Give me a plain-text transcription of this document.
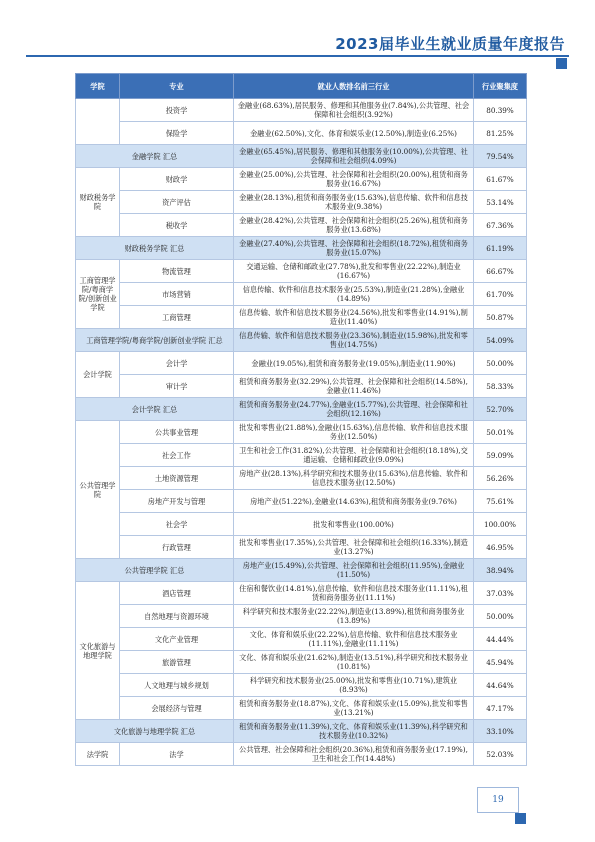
2023届毕业生就业质量年度报告
学院	专业	就业人数排名前三行业	行业聚集度
	投资学	金融业(68.63%),居民服务、修理和其他服务业(7.84%),公共管理、社会保障和社会组织(3.92%)	80.39%
	保险学	金融业(62.50%),文化、体育和娱乐业(12.50%),制造业(6.25%)	81.25%
金融学院 汇总		金融业(65.45%),居民服务、修理和其他服务业(10.00%),公共管理、社会保障和社会组织(4.09%)	79.54%
财政税务学院	财政学	金融业(25.00%),公共管理、社会保障和社会组织(20.00%),租赁和商务服务业(16.67%)	61.67%
	资产评估	金融业(28.13%),租赁和商务服务业(15.63%),信息传输、软件和信息技术服务业(9.38%)	53.14%
	税收学	金融业(28.42%),公共管理、社会保障和社会组织(25.26%),租赁和商务服务业(13.68%)	67.36%
财政税务学院 汇总		金融业(27.40%),公共管理、社会保障和社会组织(18.72%),租赁和商务服务业(15.07%)	61.19%
工商管理学院/粤商学院/创新创业学院	物流管理	交通运输、仓储和邮政业(27.78%),批发和零售业(22.22%),制造业(16.67%)	66.67%
	市场营销	信息传输、软件和信息技术服务业(25.53%),制造业(21.28%),金融业(14.89%)	61.70%
	工商管理	信息传输、软件和信息技术服务业(24.56%),批发和零售业(14.91%),制造业(11.40%)	50.87%
工商管理学院/粤商学院/创新创业学院 汇总		信息传输、软件和信息技术服务业(23.36%),制造业(15.98%),批发和零售业(14.75%)	54.09%
会计学院	会计学	金融业(19.05%),租赁和商务服务业(19.05%),制造业(11.90%)	50.00%
	审计学	租赁和商务服务业(32.29%),公共管理、社会保障和社会组织(14.58%),金融业(11.46%)	58.33%
会计学院 汇总		租赁和商务服务业(24.77%),金融业(15.77%),公共管理、社会保障和社会组织(12.16%)	52.70%
公共管理学院	公共事业管理	批发和零售业(21.88%),金融业(15.63%),信息传输、软件和信息技术服务业(12.50%)	50.01%
	社会工作	卫生和社会工作(31.82%),公共管理、社会保障和社会组织(18.18%),交通运输、仓储和邮政业(9.09%)	59.09%
	土地资源管理	房地产业(28.13%),科学研究和技术服务业(15.63%),信息传输、软件和信息技术服务业(12.50%)	56.26%
	房地产开发与管理	房地产业(51.22%),金融业(14.63%),租赁和商务服务业(9.76%)	75.61%
	社会学	批发和零售业(100.00%)	100.00%
	行政管理	批发和零售业(17.35%),公共管理、社会保障和社会组织(16.33%),制造业(13.27%)	46.95%
公共管理学院 汇总		房地产业(15.49%),公共管理、社会保障和社会组织(11.95%),金融业(11.50%)	38.94%
文化旅游与地理学院	酒店管理	住宿和餐饮业(14.81%),信息传输、软件和信息技术服务业(11.11%),租赁和商务服务业(11.11%)	37.03%
	自然地理与资源环境	科学研究和技术服务业(22.22%),制造业(13.89%),租赁和商务服务业(13.89%)	50.00%
	文化产业管理	文化、体育和娱乐业(22.22%),信息传输、软件和信息技术服务业(11.11%),金融业(11.11%)	44.44%
	旅游管理	文化、体育和娱乐业(21.62%),制造业(13.51%),科学研究和技术服务业(10.81%)	45.94%
	人文地理与城乡规划	科学研究和技术服务业(25.00%),批发和零售业(10.71%),建筑业(8.93%)	44.64%
	会展经济与管理	租赁和商务服务业(18.87%),文化、体育和娱乐业(15.09%),批发和零售业(13.21%)	47.17%
文化旅游与地理学院 汇总		租赁和商务服务业(11.39%),文化、体育和娱乐业(11.39%),科学研究和技术服务业(10.32%)	33.10%
法学院	法学	公共管理、社会保障和社会组织(20.36%),租赁和商务服务业(17.19%),卫生和社会工作(14.48%)	52.03%
19
